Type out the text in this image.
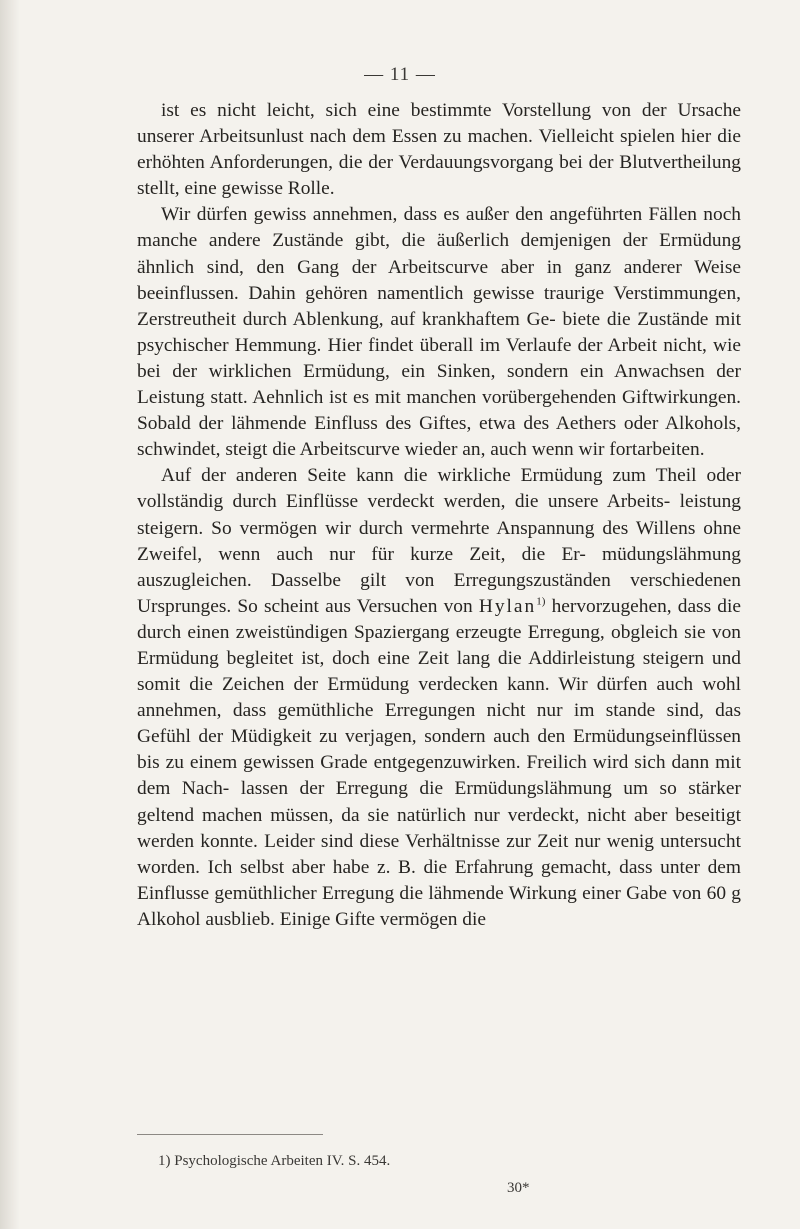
— 11 —

ist es nicht leicht, sich eine bestimmte Vorstellung von der Ursache unserer Arbeitsunlust nach dem Essen zu machen. Vielleicht spielen hier die erhöhten Anforderungen, die der Verdauungsvorgang bei der Blutvertheilung stellt, eine gewisse Rolle.

Wir dürfen gewiss annehmen, dass es außer den angeführten Fällen noch manche andere Zustände gibt, die äußerlich demjenigen der Ermüdung ähnlich sind, den Gang der Arbeitscurve aber in ganz anderer Weise beeinflussen. Dahin gehören namentlich gewisse traurige Verstimmungen, Zerstreutheit durch Ablenkung, auf krankhaftem Ge- biete die Zustände mit psychischer Hemmung. Hier findet überall im Verlaufe der Arbeit nicht, wie bei der wirklichen Ermüdung, ein Sinken, sondern ein Anwachsen der Leistung statt. Aehnlich ist es mit manchen vorübergehenden Giftwirkungen. Sobald der lähmende Einfluss des Giftes, etwa des Aethers oder Alkohols, schwindet, steigt die Arbeitscurve wieder an, auch wenn wir fortarbeiten.

Auf der anderen Seite kann die wirkliche Ermüdung zum Theil oder vollständig durch Einflüsse verdeckt werden, die unsere Arbeits- leistung steigern. So vermögen wir durch vermehrte Anspannung des Willens ohne Zweifel, wenn auch nur für kurze Zeit, die Er- müdungslähmung auszugleichen. Dasselbe gilt von Erregungszuständen verschiedenen Ursprunges. So scheint aus Versuchen von Hylan$^{1)}$ hervorzugehen, dass die durch einen zweistündigen Spaziergang erzeugte Erregung, obgleich sie von Ermüdung begleitet ist, doch eine Zeit lang die Addirleistung steigern und somit die Zeichen der Ermüdung verdecken kann. Wir dürfen auch wohl annehmen, dass gemüthliche Erregungen nicht nur im stande sind, das Gefühl der Müdigkeit zu verjagen, sondern auch den Ermüdungseinflüssen bis zu einem gewissen Grade entgegenzuwirken. Freilich wird sich dann mit dem Nach- lassen der Erregung die Ermüdungslähmung um so stärker geltend machen müssen, da sie natürlich nur verdeckt, nicht aber beseitigt werden konnte. Leider sind diese Verhältnisse zur Zeit nur wenig untersucht worden. Ich selbst aber habe z. B. die Erfahrung gemacht, dass unter dem Einflusse gemüthlicher Erregung die lähmende Wirkung einer Gabe von 60 g Alkohol ausblieb. Einige Gifte vermögen die

1) Psychologische Arbeiten IV. S. 454.
30*
